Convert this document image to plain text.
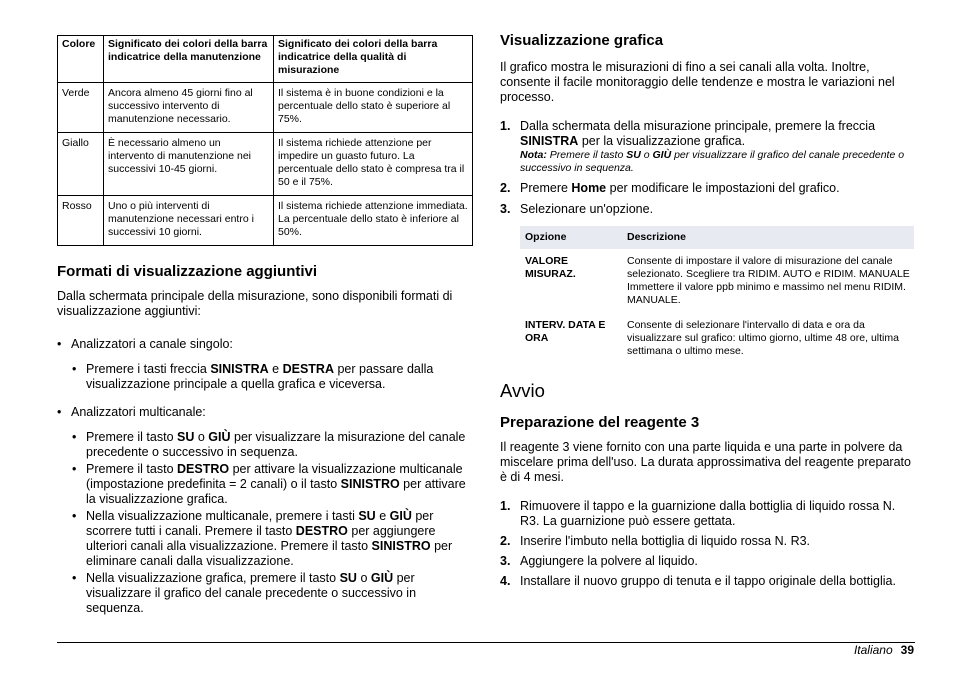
Colore	Significato dei colori della barra indicatrice della manutenzione	Significato dei colori della barra indicatrice della qualità di misurazione
Verde	Ancora almeno 45 giorni fino al successivo intervento di manutenzione necessario.	Il sistema è in buone condizioni e la percentuale dello stato è superiore al 75%.
Giallo	È necessario almeno un intervento di manutenzione nei successivi 10-45 giorni.	Il sistema richiede attenzione per impedire un guasto futuro. La percentuale dello stato è compresa tra il 50 e il 75%.
Rosso	Uno o più interventi di manutenzione necessari entro i successivi 10 giorni.	Il sistema richiede attenzione immediata. La percentuale dello stato è inferiore al 50%.
Formati di visualizzazione aggiuntivi

Dalla schermata principale della misurazione, sono disponibili formati di visualizzazione aggiuntivi:

• Analizzatori a canale singolo:
• Premere i tasti freccia SINISTRA e DESTRA per passare dalla visualizzazione principale a quella grafica e viceversa.
• Analizzatori multicanale:
• Premere il tasto SU o GIÙ per visualizzare la misurazione del canale precedente o successivo in sequenza.
• Premere il tasto DESTRO per attivare la visualizzazione multicanale (impostazione predefinita = 2 canali) o il tasto SINISTRO per attivare la visualizzazione grafica.
• Nella visualizzazione multicanale, premere i tasti SU e GIÙ per scorrere tutti i canali. Premere il tasto DESTRO per aggiungere ulteriori canali alla visualizzazione. Premere il tasto SINISTRO per eliminare canali dalla visualizzazione.
• Nella visualizzazione grafica, premere il tasto SU o GIÙ per visualizzare il grafico del canale precedente o successivo in sequenza.
Visualizzazione grafica

Il grafico mostra le misurazioni di fino a sei canali alla volta. Inoltre, consente il facile monitoraggio delle tendenze e mostra le variazioni nel processo.

1. Dalla schermata della misurazione principale, premere la freccia SINISTRA per la visualizzazione grafica.
Nota: Premere il tasto SU o GIÙ per visualizzare il grafico del canale precedente o successivo in sequenza.
2. Premere Home per modificare le impostazioni del grafico.
3. Selezionare un'opzione.
Opzione	Descrizione
VALORE MISURAZ.	Consente di impostare il valore di misurazione del canale selezionato. Scegliere tra RIDIM. AUTO e RIDIM. MANUALE Immettere il valore ppb minimo e massimo nel menu RIDIM. MANUALE.
INTERV. DATA E ORA	Consente di selezionare l'intervallo di data e ora da visualizzare sul grafico: ultimo giorno, ultime 48 ore, ultima settimana o ultimo mese.
Avvio
Preparazione del reagente 3

Il reagente 3 viene fornito con una parte liquida e una parte in polvere da miscelare prima dell'uso. La durata approssimativa del reagente preparato è di 4 mesi.

1. Rimuovere il tappo e la guarnizione dalla bottiglia di liquido rossa N. R3. La guarnizione può essere gettata.
2. Inserire l'imbuto nella bottiglia di liquido rossa N. R3.
3. Aggiungere la polvere al liquido.
4. Installare il nuovo gruppo di tenuta e il tappo originale della bottiglia.
Italiano 39
